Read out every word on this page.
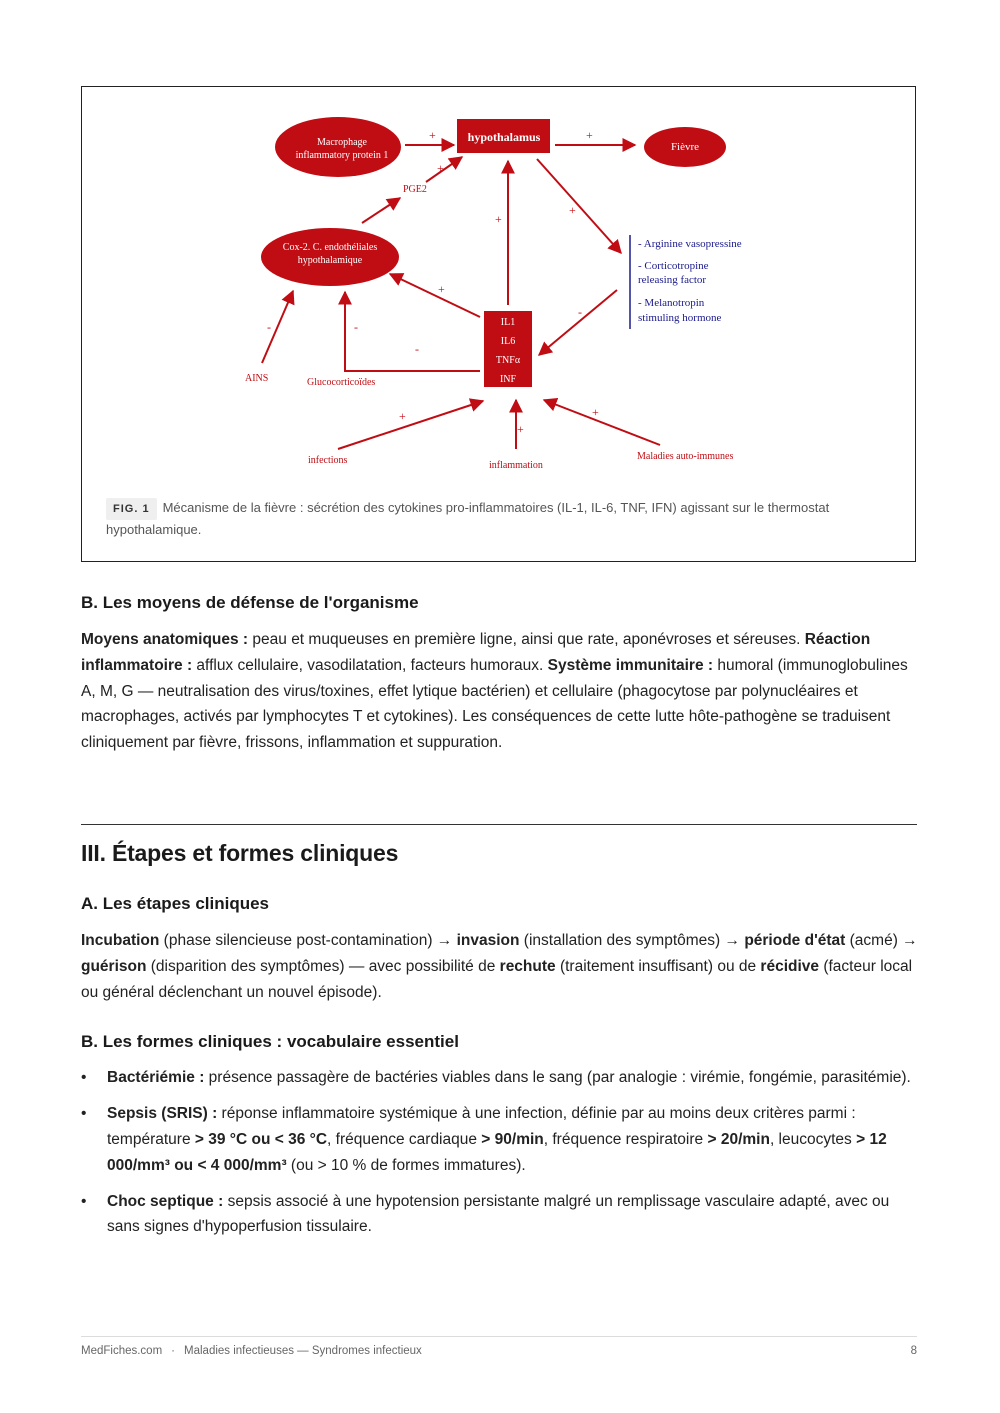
Macrophage
inflammatory protein 1
hypothalamus
Fièvre
Cox-2. C. endothéliales
hypothalamique
IL1
IL6
TNFα
INF
- Arginine vasopressine
- Corticotropine
releasing factor
- Melanotropin
stimuling hormone
AINS	Glucocorticoïdes
PGE2
infections	inflammation
Maladies auto-immunes
+	+
+
+
+
+
-
-	-
-
+
+
+
FIG. 1 Mécanisme de la fièvre : sécrétion des cytokines pro-inflammatoires (IL-1, IL-6, TNF, IFN) agissant sur le thermostat hypothalamique.
B. Les moyens de défense de l'organisme

Moyens anatomiques : peau et muqueuses en première ligne, ainsi que rate, aponévroses et séreuses. Réaction inflammatoire : afflux cellulaire, vasodilatation, facteurs humoraux. Système immunitaire : humoral (immunoglobulines A, M, G — neutralisation des virus/toxines, effet lytique bactérien) et cellulaire (phagocytose par polynucléaires et macrophages, activés par lymphocytes T et cytokines). Les conséquences de cette lutte hôte-pathogène se traduisent cliniquement par fièvre, frissons, inflammation et suppuration.

III. Étapes et formes cliniques
A. Les étapes cliniques

Incubation (phase silencieuse post-contamination) → invasion (installation des symptômes) → période d'état (acmé) → guérison (disparition des symptômes) — avec possibilité de rechute (traitement insuffisant) ou de récidive (facteur local ou général déclenchant un nouvel épisode).

B. Les formes cliniques : vocabulaire essentiel
• Bactériémie : présence passagère de bactéries viables dans le sang (par analogie : virémie, fongémie, parasitémie).
• Sepsis (SRIS) : réponse inflammatoire systémique à une infection, définie par au moins deux critères parmi : température > 39 °C ou < 36 °C, fréquence cardiaque > 90/min, fréquence respiratoire > 20/min, leucocytes > 12 000/mm³ ou < 4 000/mm³ (ou > 10 % de formes immatures).
• Choc septique : sepsis associé à une hypotension persistante malgré un remplissage vasculaire adapté, avec ou sans signes d'hypoperfusion tissulaire.
MedFiches.com · Maladies infectieuses — Syndromes infectieux	8
